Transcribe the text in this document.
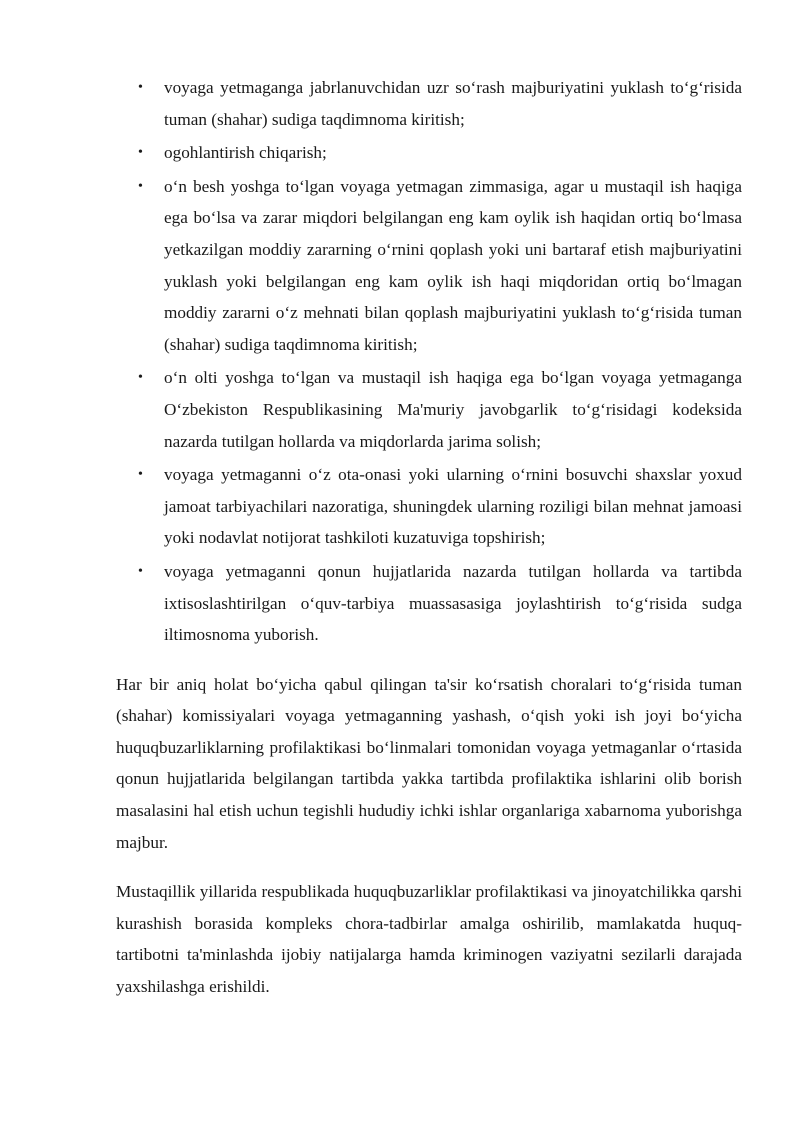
• voyaga yetmaganga jabrlanuvchidan uzr so‘rash majburiyatini yuklash to‘g‘risida tuman (shahar) sudiga taqdimnoma kiritish;
• ogohlantirish chiqarish;
• o‘n besh yoshga to‘lgan voyaga yetmagan zimmasiga, agar u mustaqil ish haqiga ega bo‘lsa va zarar miqdori belgilangan eng kam oylik ish haqidan ortiq bo‘lmasa yetkazilgan moddiy zararning o‘rnini qoplash yoki uni bartaraf etish majburiyatini yuklash yoki belgilangan eng kam oylik ish haqi miqdoridan ortiq bo‘lmagan moddiy zararni o‘z mehnati bilan qoplash majburiyatini yuklash to‘g‘risida tuman (shahar) sudiga taqdimnoma kiritish;
• o‘n olti yoshga to‘lgan va mustaqil ish haqiga ega bo‘lgan voyaga yetmaganga O‘zbekiston Respublikasining Ma'muriy javobgarlik to‘g‘risidagi kodeksida nazarda tutilgan hollarda va miqdorlarda jarima solish;
• voyaga yetmaganni o‘z ota-onasi yoki ularning o‘rnini bosuvchi shaxslar yoxud jamoat tarbiyachilari nazoratiga, shuningdek ularning roziligi bilan mehnat jamoasi yoki nodavlat notijorat tashkiloti kuzatuviga topshirish;
• voyaga yetmaganni qonun hujjatlarida nazarda tutilgan hollarda va tartibda ixtisoslashtirilgan o‘quv-tarbiya muassasasiga joylashtirish to‘g‘risida sudga iltimosnoma yuborish.

Har bir aniq holat bo‘yicha qabul qilingan ta'sir ko‘rsatish choralari to‘g‘risida tuman (shahar) komissiyalari voyaga yetmaganning yashash, o‘qish yoki ish joyi bo‘yicha huquqbuzarliklarning profilaktikasi bo‘linmalari tomonidan voyaga yetmaganlar o‘rtasida qonun hujjatlarida belgilangan tartibda yakka tartibda profilaktika ishlarini olib borish masalasini hal etish uchun tegishli hududiy ichki ishlar organlariga xabarnoma yuborishga majbur.

Mustaqillik yillarida respublikada huquqbuzarliklar profilaktikasi va jinoyatchilikka qarshi kurashish borasida kompleks chora-tadbirlar amalga oshirilib, mamlakatda huquq-tartibotni ta'minlashda ijobiy natijalarga hamda kriminogen vaziyatni sezilarli darajada yaxshilashga erishildi.
